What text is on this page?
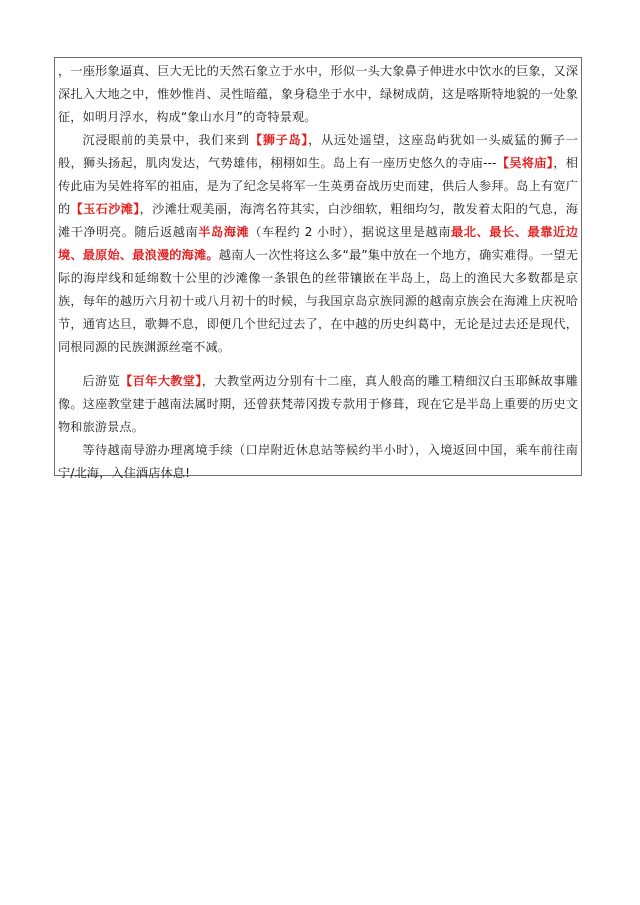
，一座形象逼真、巨大无比的天然石象立于水中，形似一头大象鼻子伸进水中饮水的巨象，又深深扎入大地之中，惟妙惟肖、灵性暗蕴，象身稳坐于水中，绿树成荫，这是喀斯特地貌的一处象征，如明月浮水，构成“象山水月”的奇特景观。

沉浸眼前的美景中，我们来到【狮子岛】，从远处遥望，这座岛屿犹如一头威猛的狮子一般，狮头扬起，肌肉发达，气势雄伟，栩栩如生。岛上有一座历史悠久的寺庙---【吴将庙】，相传此庙为吴姓将军的祖庙，是为了纪念吴将军一生英勇奋战历史而建，供后人参拜。岛上有宽广的【玉石沙滩】，沙滩壮观美丽，海湾名符其实，白沙细软，粗细均匀，散发着太阳的气息，海滩干净明亮。随后返越南半岛海滩（车程约 2 小时），据说这里是越南最北、最长、最靠近边境、最原始、最浪漫的海滩。越南人一次性将这么多“最”集中放在一个地方，确实难得。一望无际的海岸线和延绵数十公里的沙滩像一条银色的丝带镶嵌在半岛上，岛上的渔民大多数都是京族，每年的越历六月初十或八月初十的时候，与我国京岛京族同源的越南京族会在海滩上庆祝哈节，通宵达旦，歌舞不息，即便几个世纪过去了，在中越的历史纠葛中，无论是过去还是现代，同根同源的民族渊源丝毫不减。

后游览【百年大教堂】，大教堂两边分别有十二座，真人般高的雕工精细汉白玉耶稣故事雕像。这座教堂建于越南法属时期，还曾获梵蒂冈拨专款用于修葺，现在它是半岛上重要的历史文物和旅游景点。

等待越南导游办理离境手续（口岸附近休息站等候约半小时），入境返回中国，乘车前往南宁/北海，入住酒店休息!
